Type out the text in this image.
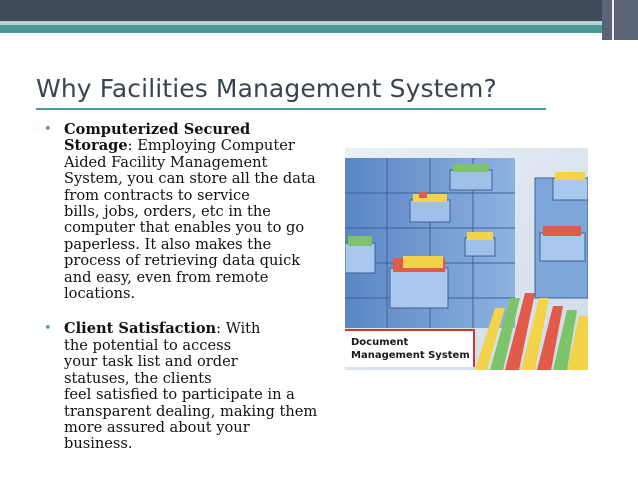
Why Facilities Management System?
• Computerized Secured
Storage: Employing Computer
Aided Facility Management
System, you can store all the data
from contracts to service
bills, jobs, orders, etc in the
computer that enables you to go
paperless. It also makes the
process of retrieving data quick
and easy, even from remote
locations.
• Client Satisfaction: With
the potential to access
your task list and order
statuses, the clients
feel satisfied to participate in a
transparent dealing, making them
more assured about your
business.
Document Management System
